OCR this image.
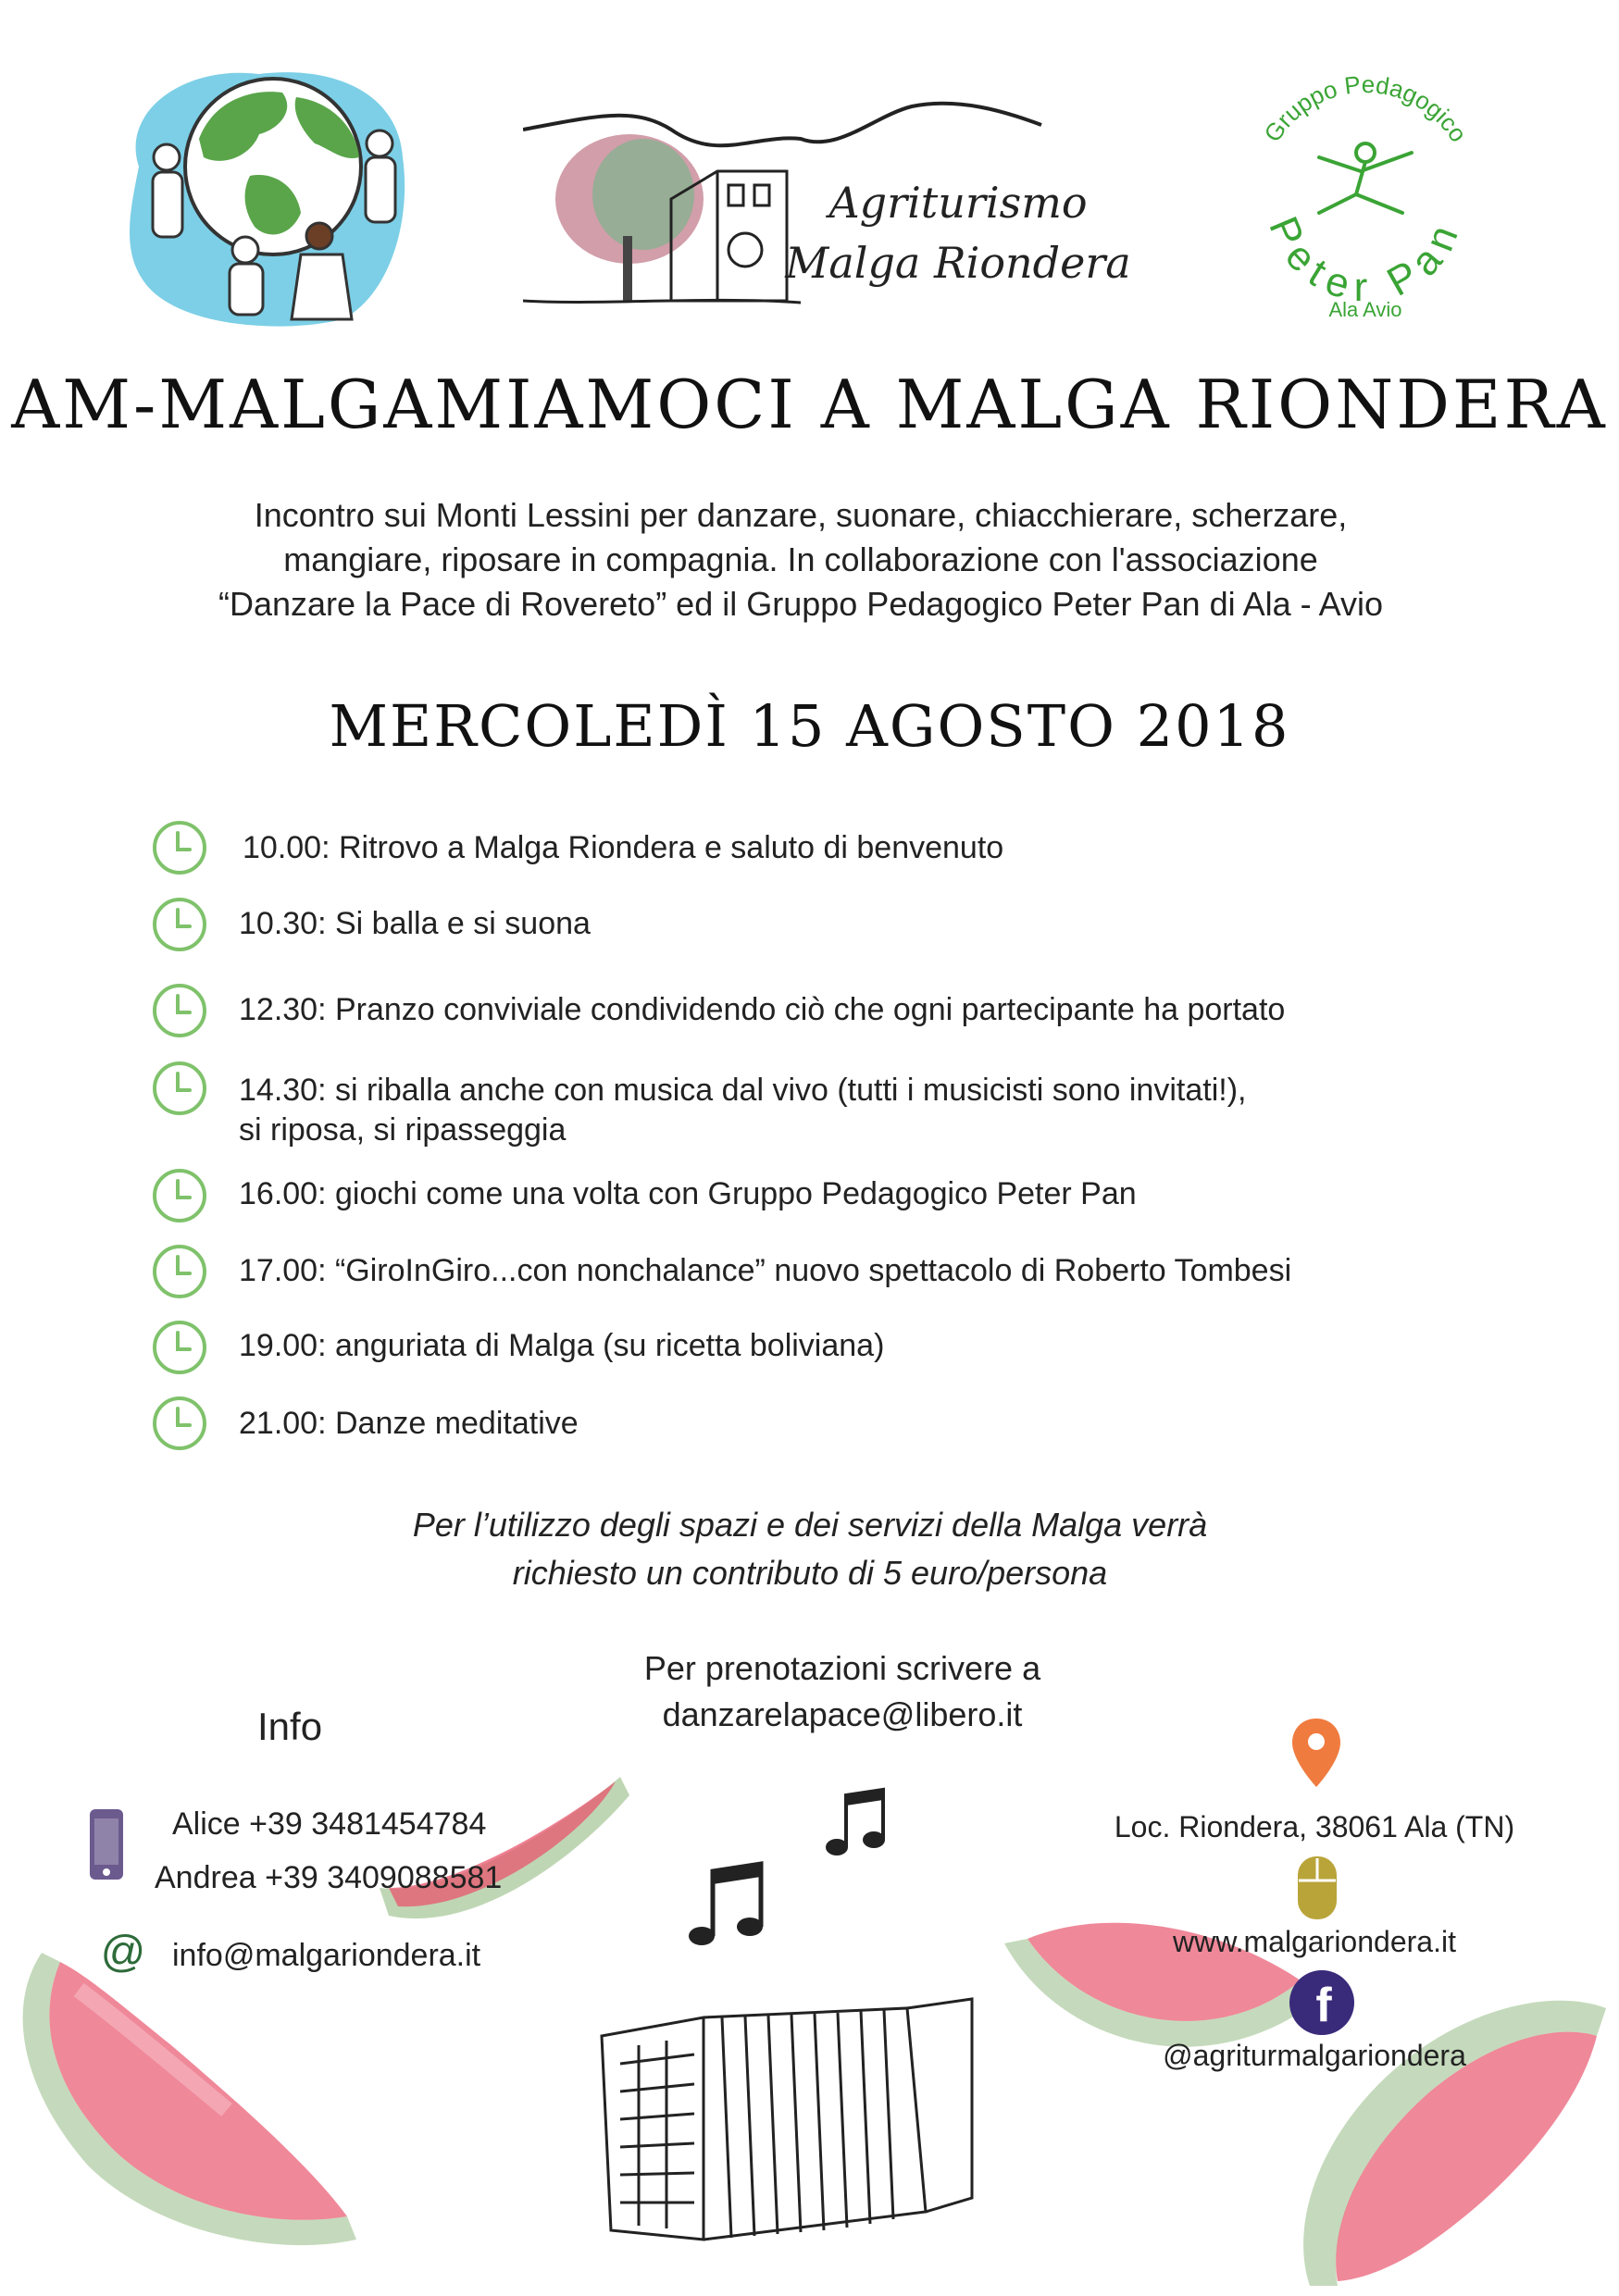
Agriturismo
Malga Riondera
Gruppo Pedagogico
Peter Pan
Ala Avio
AM-MALGAMIAMOCI A MALGA RIONDERA
Incontro sui Monti Lessini per danzare, suonare, chiacchierare, scherzare,
mangiare, riposare in compagnia. In collaborazione con l'associazione
“Danzare la Pace di Rovereto” ed il Gruppo Pedagogico Peter Pan di Ala - Avio
MERCOLEDÌ 15 AGOSTO 2018
10.00: Ritrovo a Malga Riondera e saluto di benvenuto
10.30: Si balla e si suona
12.30: Pranzo conviviale condividendo ciò che ogni partecipante ha portato
14.30: si riballa anche con musica dal vivo (tutti i musicisti sono invitati!),
si riposa, si ripasseggia
16.00: giochi come una volta con Gruppo Pedagogico Peter Pan
17.00: “GiroInGiro...con nonchalance” nuovo spettacolo di Roberto Tombesi
19.00: anguriata di Malga (su ricetta boliviana)
21.00: Danze meditative
Per l’utilizzo degli spazi e dei servizi della Malga verrà
richiesto un contributo di 5 euro/persona
Per prenotazioni scrivere a
danzarelapace@libero.it
Info
Alice +39 3481454784
Andrea +39 3409088581
@ info@malgariondera.it
Loc. Riondera, 38061 Ala (TN)
www.malgariondera.it
f
@agriturmalgariondera
